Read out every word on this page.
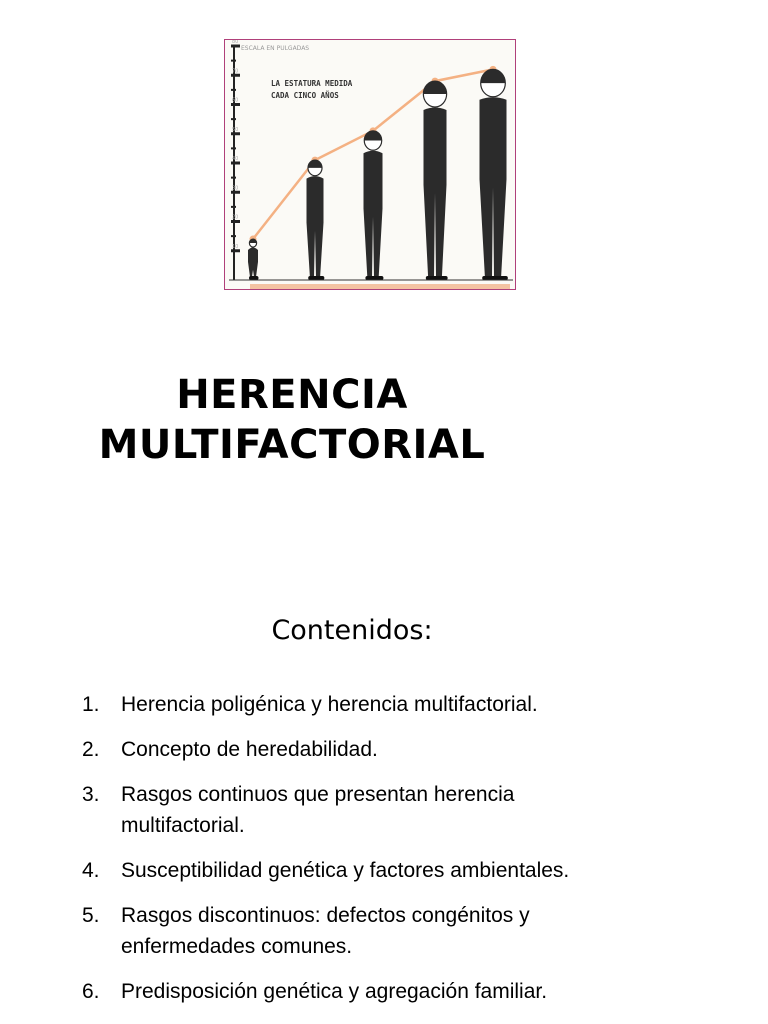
80
70
60
50
40
30
20
10
ESCALA EN PULGADAS
LA ESTATURA MEDIDA
CADA CINCO AÑOS
HERENCIA
MULTIFACTORIAL
Contenidos:
1. Herencia poligénica y herencia multifactorial.
2. Concepto de heredabilidad.
3. Rasgos continuos que presentan herencia multifactorial.
4. Susceptibilidad genética y factores ambientales.
5. Rasgos discontinuos: defectos congénitos y enfermedades comunes.
6. Predisposición genética y agregación familiar.
